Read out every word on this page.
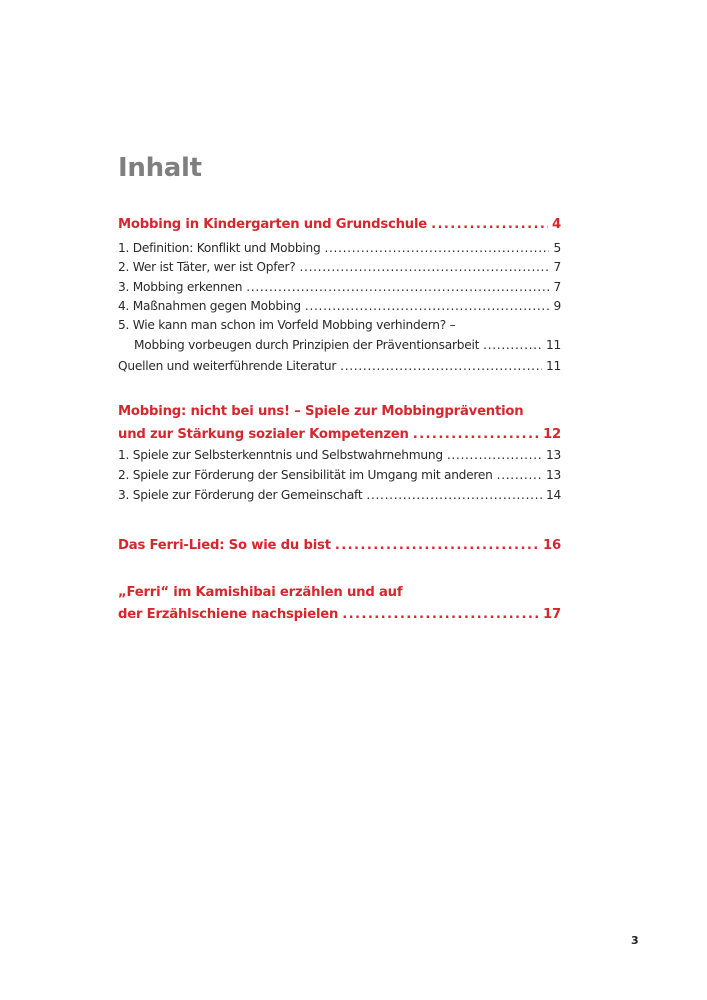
Inhalt
Mobbing in Kindergarten und Grundschule . . .	4
1. Definition: Konflikt und Mobbing . . .	5
2. Wer ist Täter, wer ist Opfer? . . .	7
3. Mobbing erkennen . . .	7
4. Maßnahmen gegen Mobbing . . .	9
5. Wie kann man schon im Vorfeld Mobbing verhindern? –
Mobbing vorbeugen durch Prinzipien der Präventionsarbeit . . .	11
Quellen und weiterführende Literatur . . .	11
Mobbing: nicht bei uns! – Spiele zur Mobbingprävention
und zur Stärkung sozialer Kompetenzen . . .	12
1. Spiele zur Selbsterkenntnis und Selbstwahrnehmung . . .	13
2. Spiele zur Förderung der Sensibilität im Umgang mit anderen . . .	13
3. Spiele zur Förderung der Gemeinschaft . . .	14
Das Ferri-Lied: So wie du bist . . .	16
„Ferri“ im Kamishibai erzählen und auf
der Erzählschiene nachspielen . . .	17
3
